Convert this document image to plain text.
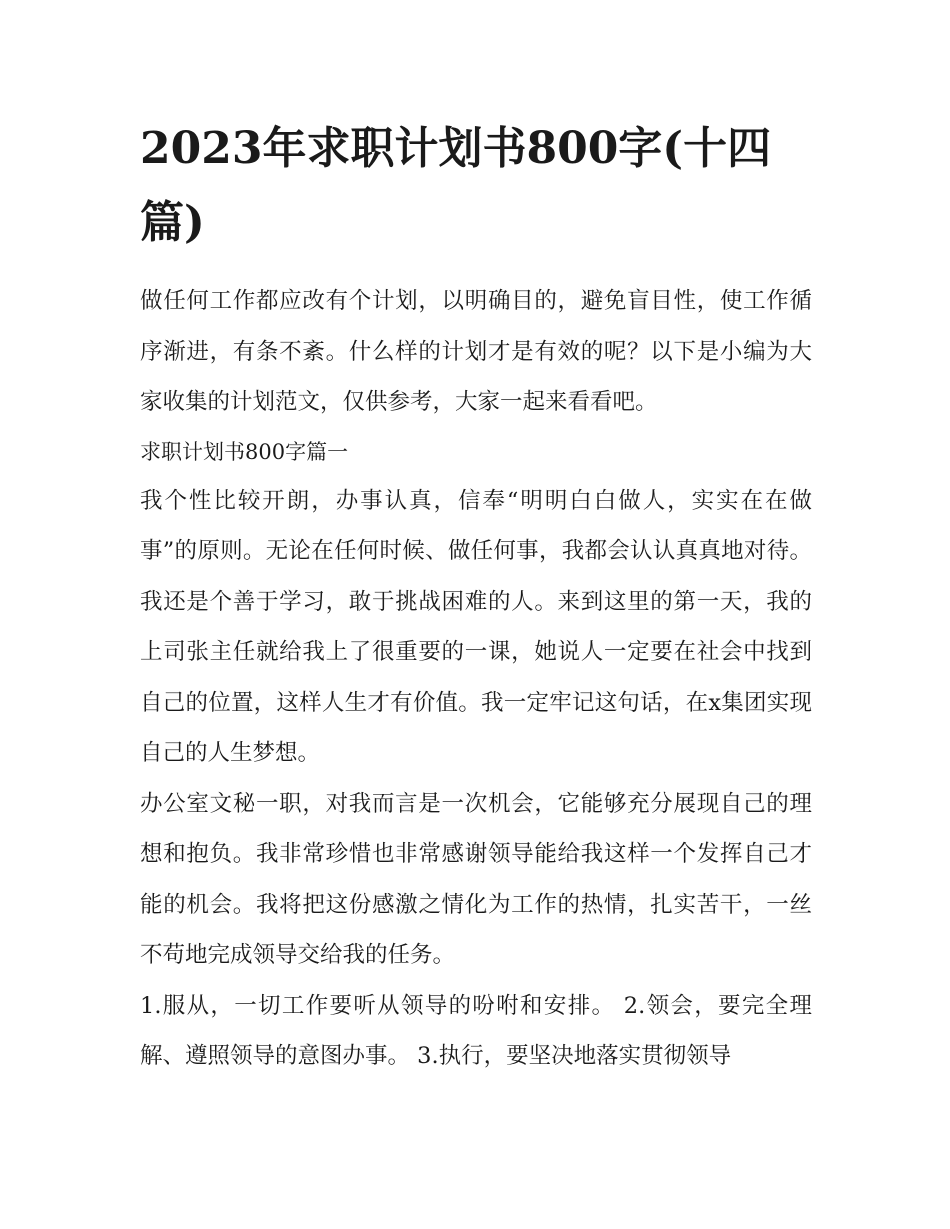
2023年求职计划书800字(十四篇)

做任何工作都应改有个计划，以明确目的，避免盲目性，使工作循序渐进，有条不紊。什么样的计划才是有效的呢？以下是小编为大家收集的计划范文，仅供参考，大家一起来看看吧。

求职计划书800字篇一

我个性比较开朗，办事认真，信奉“明明白白做人，实实在在做事”的原则。无论在任何时候、做任何事，我都会认认真真地对待。我还是个善于学习，敢于挑战困难的人。来到这里的第一天，我的上司张主任就给我上了很重要的一课，她说人一定要在社会中找到自己的位置，这样人生才有价值。我一定牢记这句话，在x集团实现自己的人生梦想。

办公室文秘一职，对我而言是一次机会，它能够充分展现自己的理想和抱负。我非常珍惜也非常感谢领导能给我这样一个发挥自己才能的机会。我将把这份感激之情化为工作的热情，扎实苦干，一丝不苟地完成领导交给我的任务。

1.服从，一切工作要听从领导的吩咐和安排。 2.领会，要完全理解、遵照领导的意图办事。 3.执行，要坚决地落实贯彻领导
